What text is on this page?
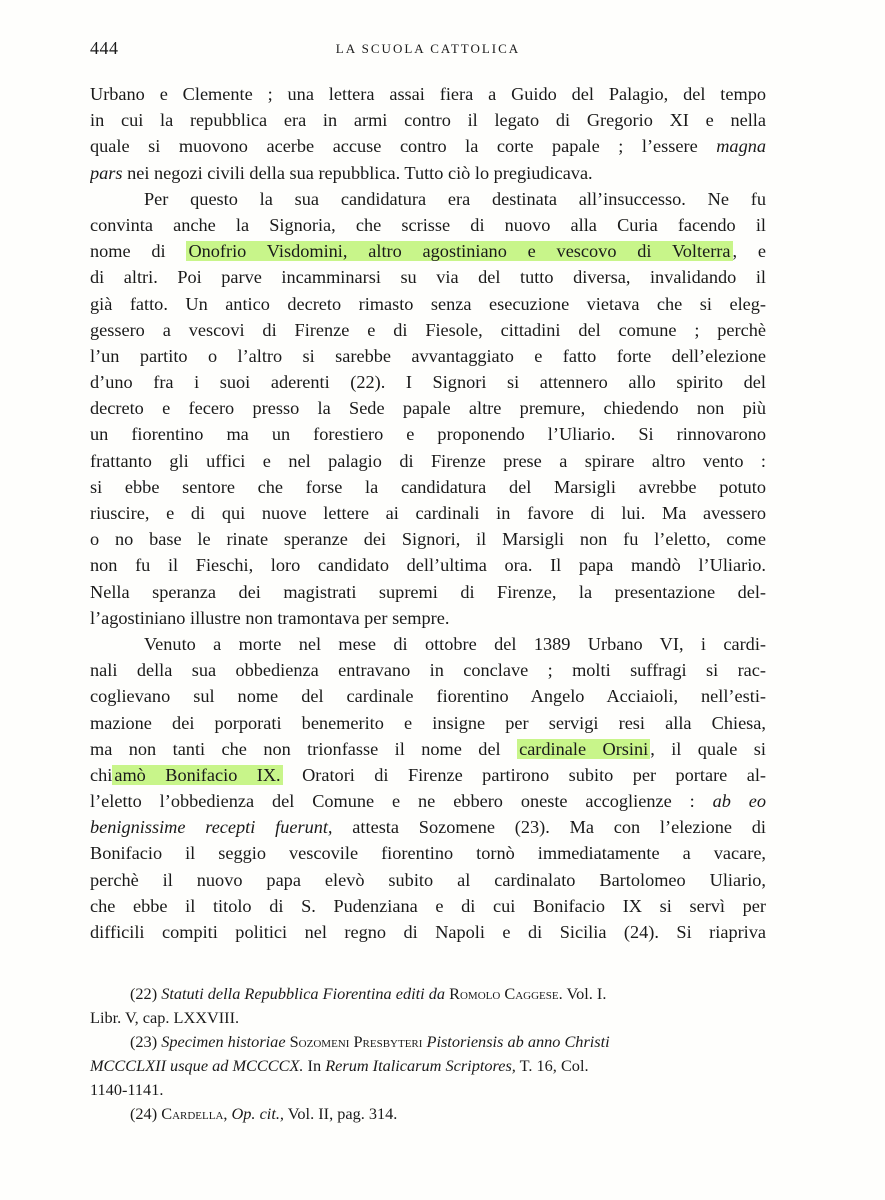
444	LA SCUOLA CATTOLICA
Urbano e Clemente ; una lettera assai fiera a Guido del Palagio, del tempo
in cui la repubblica era in armi contro il legato di Gregorio XI e nella
quale si muovono acerbe accuse contro la corte papale ; l’essere magna
pars nei negozi civili della sua repubblica. Tutto ciò lo pregiudicava.
Per questo la sua candidatura era destinata all’insuccesso. Ne fu
convinta anche la Signoria, che scrisse di nuovo alla Curia facendo il
nome di Onofrio Visdomini, altro agostiniano e vescovo di Volterra , e
di altri. Poi parve incamminarsi su via del tutto diversa, invalidando il
già fatto. Un antico decreto rimasto senza esecuzione vietava che si eleg-
gessero a vescovi di Firenze e di Fiesole, cittadini del comune ; perchè
l’un partito o l’altro si sarebbe avvantaggiato e fatto forte dell’elezione
d’uno fra i suoi aderenti (22). I Signori si attennero allo spirito del
decreto e fecero presso la Sede papale altre premure, chiedendo non più
un fiorentino ma un forestiero e proponendo l’Uliario. Si rinnovarono
frattanto gli uffici e nel palagio di Firenze prese a spirare altro vento :
si ebbe sentore che forse la candidatura del Marsigli avrebbe potuto
riuscire, e di qui nuove lettere ai cardinali in favore di lui. Ma avessero
o no base le rinate speranze dei Signori, il Marsigli non fu l’eletto, come
non fu il Fieschi, loro candidato dell’ultima ora. Il papa mandò l’Uliario.
Nella speranza dei magistrati supremi di Firenze, la presentazione del-
l’agostiniano illustre non tramontava per sempre.
Venuto a morte nel mese di ottobre del 1389 Urbano VI, i cardi-
nali della sua obbedienza entravano in conclave ; molti suffragi si rac-
coglievano sul nome del cardinale fiorentino Angelo Acciaioli, nell’esti-
mazione dei porporati benemerito e insigne per servigi resi alla Chiesa,
ma non tanti che non trionfasse il nome del cardinale Orsini , il quale si
chi amò Bonifacio IX. Oratori di Firenze partirono subito per portare al-
l’eletto l’obbedienza del Comune e ne ebbero oneste accoglienze : ab eo
benignissime recepti fuerunt, attesta Sozomene (23). Ma con l’elezione di
Bonifacio il seggio vescovile fiorentino tornò immediatamente a vacare,
perchè il nuovo papa elevò subito al cardinalato Bartolomeo Uliario,
che ebbe il titolo di S. Pudenziana e di cui Bonifacio IX si servì per
difficili compiti politici nel regno di Napoli e di Sicilia (24). Si riapriva
(22) Statuti della Repubblica Fiorentina editi da Romolo Caggese. Vol. I.
Libr. V, cap. LXXVIII.
(23) Specimen historiae Sozomeni Presbyteri Pistoriensis ab anno Christi
MCCCLXII usque ad MCCCCX. In Rerum Italicarum Scriptores, T. 16, Col.
1140-1141.
(24) Cardella, Op. cit., Vol. II, pag. 314.
